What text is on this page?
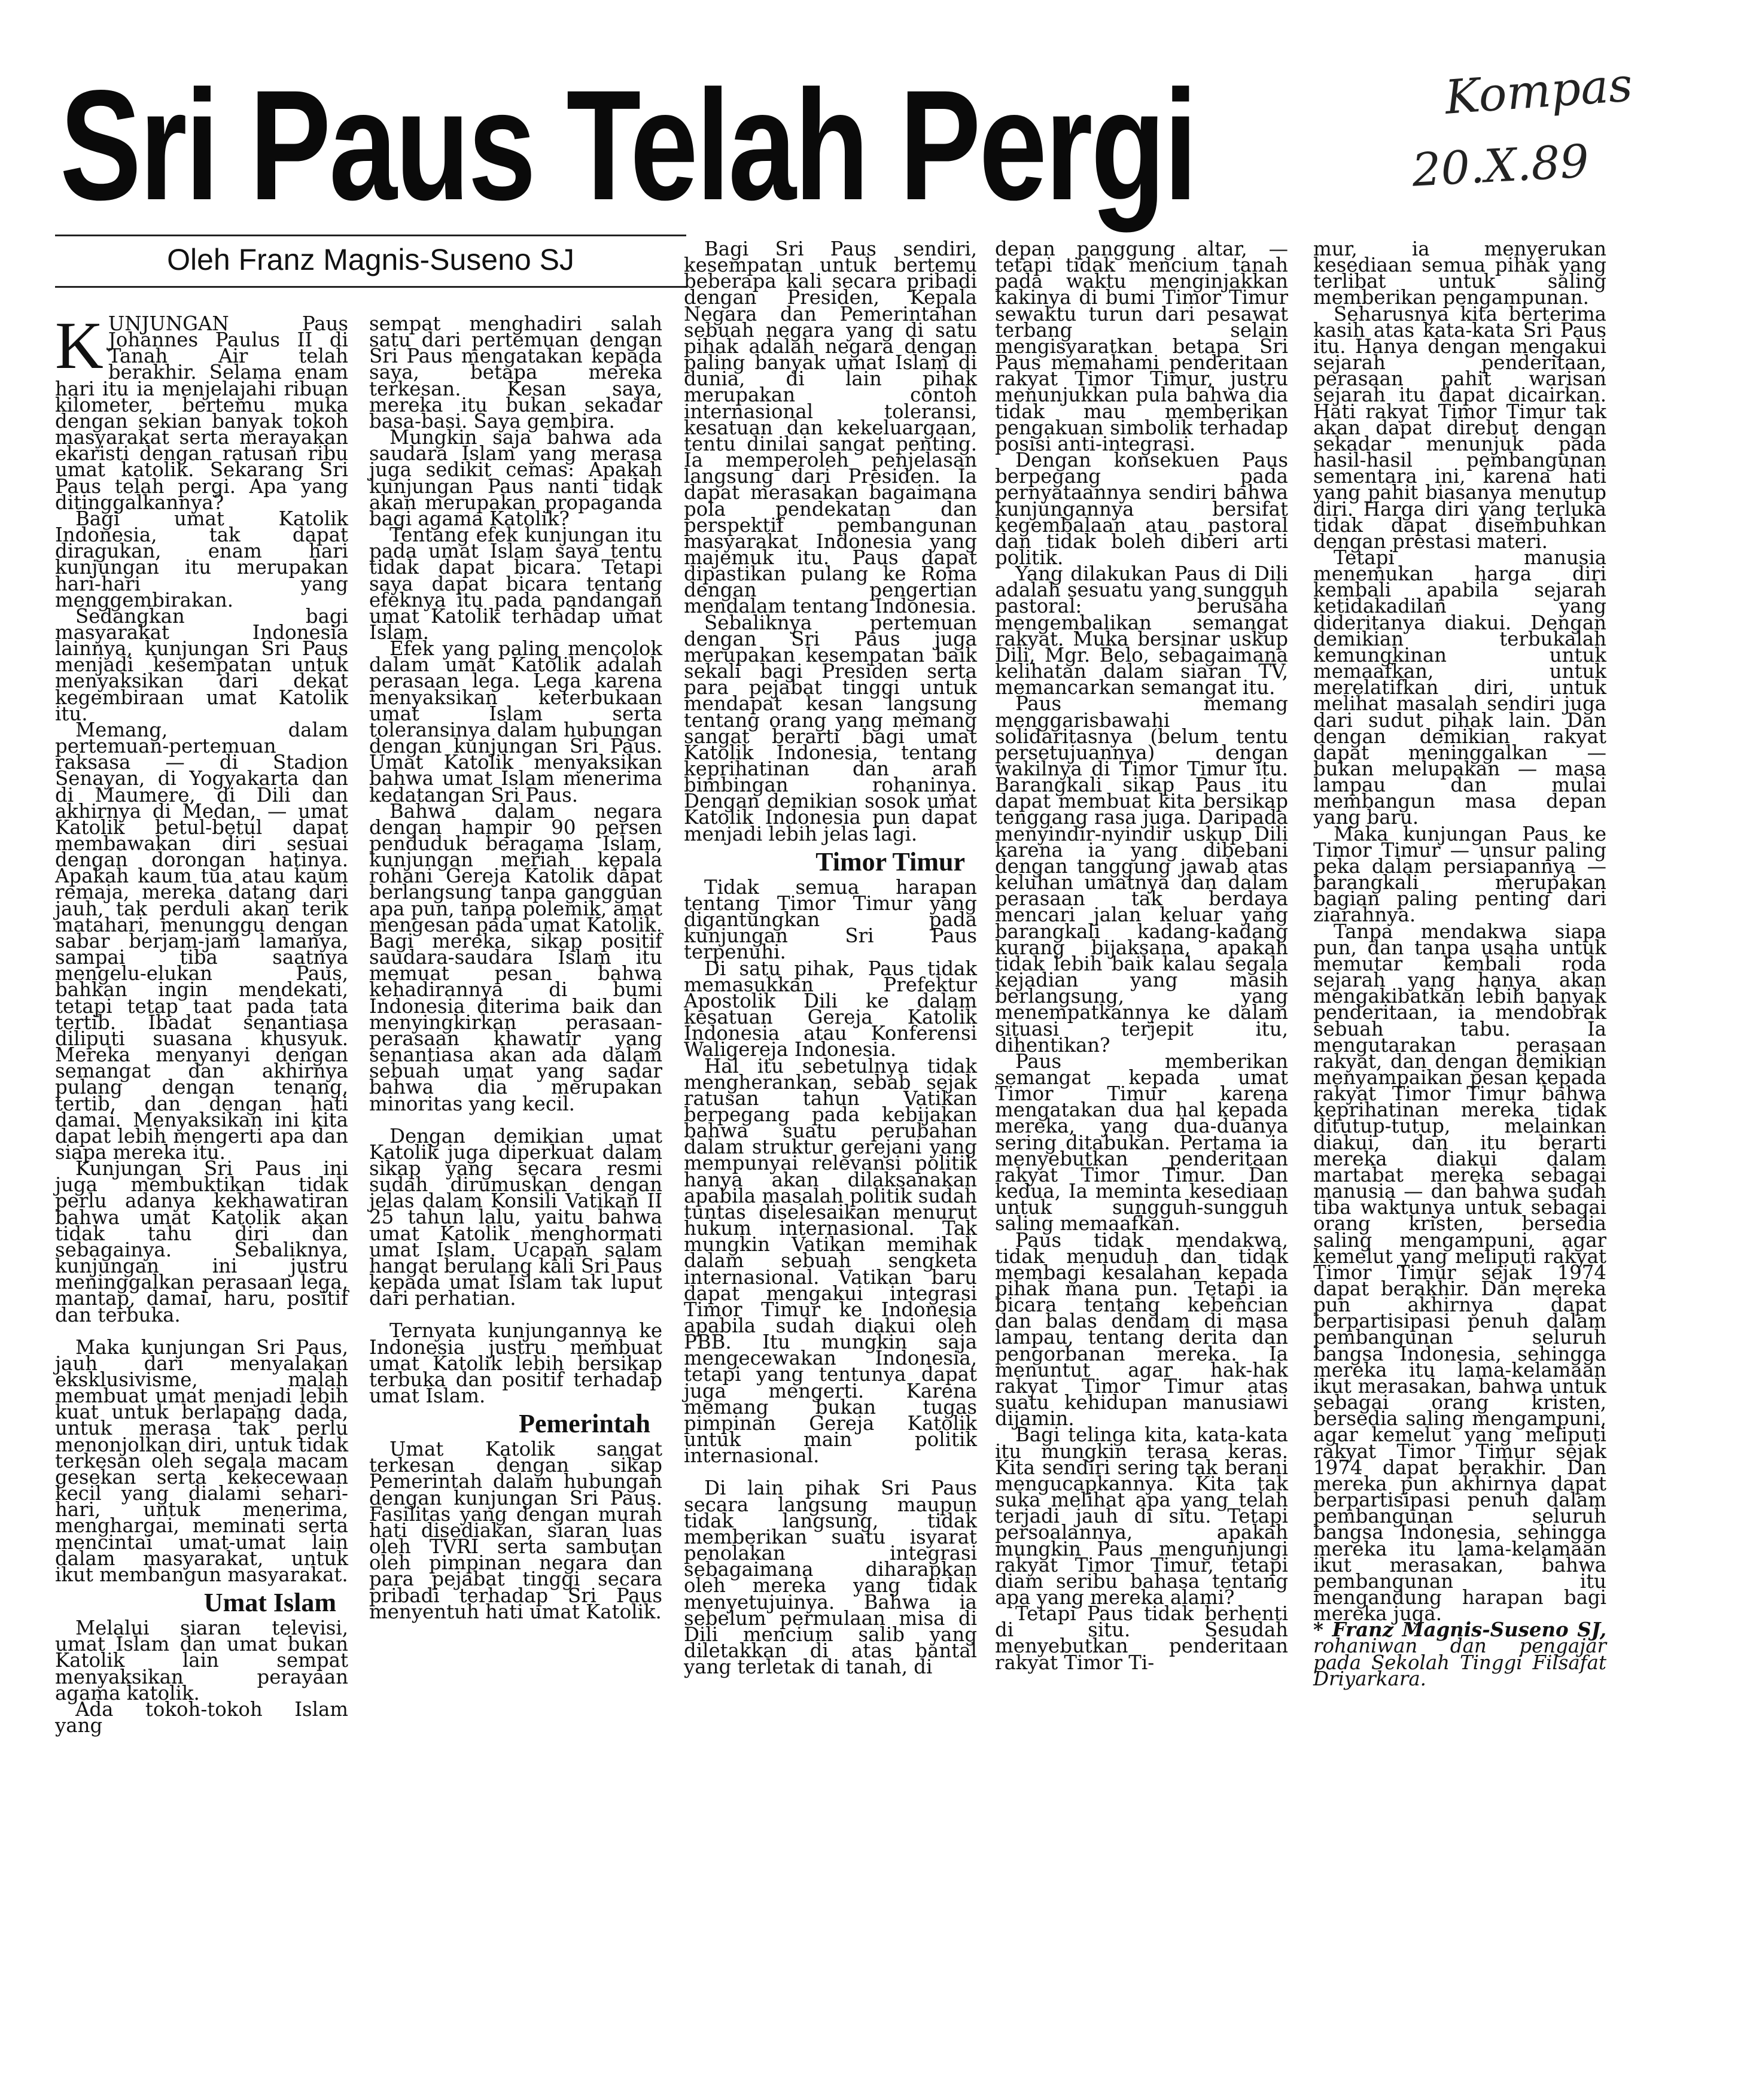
Sri Paus Telah Pergi	Kompas
20.X.89
Oleh Franz Magnis-Suseno SJ

KUNJUNGAN Paus Johannes Paulus II di Tanah Air telah berakhir. Selama enam hari itu ia menjelajahi ribuan kilometer, bertemu muka dengan sekian banyak tokoh masyarakat serta merayakan ekaristi dengan ratusan ribu umat katolik. Sekarang Sri Paus telah pergi. Apa yang ditinggalkannya?

Bagi umat Katolik Indonesia, tak dapat diragukan, enam hari kunjungan itu merupakan hari-hari yang menggembirakan.

Sedangkan bagi masyarakat Indonesia lainnya, kunjungan Sri Paus menjadi kesempatan untuk menyaksikan dari dekat kegembiraan umat Katolik itu.

Memang, dalam pertemuan-pertemuan raksasa — di Stadion Senayan, di Yogyakarta dan di Maumere, di Dili dan akhirnya di Medan, — umat Katolik betul-betul dapat membawakan diri sesuai dengan dorongan hatinya. Apakah kaum tua atau kaum remaja, mereka datang dari jauh, tak perduli akan terik matahari, menunggu dengan sabar berjam-jam lamanya, sampai tiba saatnya mengelu-elukan Paus, bahkan ingin mendekati, tetapi tetap taat pada tata tertib. Ibadat senantiasa diliputi suasana khusyuk. Mereka menyanyi dengan semangat dan akhirnya pulang dengan tenang, tertib, dan dengan hati damai. Menyaksikan ini kita dapat lebih mengerti apa dan siapa mereka itu.

Kunjungan Sri Paus ini juga membuktikan tidak perlu adanya kekhawatiran bahwa umat Katolik akan tidak tahu diri dan sebagainya. Sebaliknya, kunjungan ini justru meninggalkan perasaan lega, mantap, damai, haru, positif dan terbuka.

Maka kunjungan Sri Paus, jauh dari menyalakan eksklusivisme, malah membuat umat menjadi lebih kuat untuk berlapang dada, untuk merasa tak perlu menonjolkan diri, untuk tidak terkesan oleh segala macam gesekan serta kekecewaan kecil yang dialami sehari-hari, untuk menerima, menghargai, meminati serta mencintai umat-umat lain dalam masyarakat, untuk ikut membangun masyarakat.

Umat Islam

Melalui siaran televisi, umat Islam dan umat bukan Katolik lain sempat menyaksikan perayaan agama katolik.

Ada tokoh-tokoh Islam yang

sempat menghadiri salah satu dari pertemuan dengan Sri Paus mengatakan kepada saya, betapa mereka terkesan. Kesan saya, mereka itu bukan sekadar basa-basi. Saya gembira.

Mungkin saja bahwa ada saudara Islam yang merasa juga sedikit cemas: Apakah kunjungan Paus nanti tidak akan merupakan propaganda bagi agama Katolik?

Tentang efek kunjungan itu pada umat Islam saya tentu tidak dapat bicara. Tetapi saya dapat bicara tentang efeknya itu pada pandangan umat Katolik terhadap umat Islam.

Efek yang paling mencolok dalam umat Katolik adalah perasaan lega. Lega karena menyaksikan keterbukaan umat Islam serta toleransinya dalam hubungan dengan kunjungan Sri Paus. Umat Katolik menyaksikan bahwa umat Islam menerima kedatangan Sri Paus.

Bahwa dalam negara dengan hampir 90 persen penduduk beragama Islam, kunjungan meriah kepala rohani Gereja Katolik dapat berlangsung tanpa gangguan apa pun, tanpa polemik, amat mengesan pada umat Katolik. Bagi mereka, sikap positif saudara-saudara Islam itu memuat pesan bahwa kehadirannya di bumi Indonesia diterima baik dan menyingkirkan perasaan-perasaan khawatir yang senantiasa akan ada dalam sebuah umat yang sadar bahwa dia merupakan minoritas yang kecil.

Dengan demikian umat Katolik juga diperkuat dalam sikap yang secara resmi sudah dirumuskan dengan jelas dalam Konsili Vatikan II 25 tahun lalu, yaitu bahwa umat Katolik menghormati umat Islam. Ucapan salam hangat berulang kali Sri Paus kepada umat Islam tak luput dari perhatian.

Ternyata kunjungannya ke Indonesia justru membuat umat Katolik lebih bersikap terbuka dan positif terhadap umat Islam.

Pemerintah

Umat Katolik sangat terkesan dengan sikap Pemerintah dalam hubungan dengan kunjungan Sri Paus. Fasilitas yang dengan murah hati disediakan, siaran luas oleh TVRI serta sambutan oleh pimpinan negara dan para pejabat tinggi secara pribadi terhadap Sri Paus menyentuh hati umat Katolik.

Bagi Sri Paus sendiri, kesempatan untuk bertemu beberapa kali secara pribadi dengan Presiden, Kepala Negara dan Pemerintahan sebuah negara yang di satu pihak adalah negara dengan paling banyak umat Islam di dunia, di lain pihak merupakan contoh internasional toleransi, kesatuan dan kekeluargaan, tentu dinilai sangat penting. Ia memperoleh penjelasan langsung dari Presiden. Ia dapat merasakan bagaimana pola pendekatan dan perspektif pembangunan masyarakat Indonesia yang majemuk itu. Paus dapat dipastikan pulang ke Roma dengan pengertian mendalam tentang Indonesia.

Sebaliknya pertemuan dengan Sri Paus juga merupakan kesempatan baik sekali bagi Presiden serta para pejabat tinggi untuk mendapat kesan langsung tentang orang yang memang sangat berarti bagi umat Katolik Indonesia, tentang keprihatinan dan arah bimbingan rohaninya. Dengan demikian sosok umat Katolik Indonesia pun dapat menjadi lebih jelas lagi.

Timor Timur

Tidak semua harapan tentang Timor Timur yang digantungkan pada kunjungan Sri Paus terpenuhi.

Di satu pihak, Paus tidak memasukkan Prefektur Apostolik Dili ke dalam kesatuan Gereja Katolik Indonesia atau Konferensi Waligereja Indonesia.

Hal itu sebetulnya tidak mengherankan, sebab sejak ratusan tahun Vatikan berpegang pada kebijakan bahwa suatu perubahan dalam struktur gerejani yang mempunyai relevansi politik hanya akan dilaksanakan apabila masalah politik sudah tuntas diselesaikan menurut hukum internasional. Tak mungkin Vatikan memihak dalam sebuah sengketa internasional. Vatikan baru dapat mengakui integrasi Timor Timur ke Indonesia apabila sudah diakui oleh PBB. Itu mungkin saja mengecewakan Indonesia, tetapi yang tentunya dapat juga mengerti. Karena memang bukan tugas pimpinan Gereja Katolik untuk main politik internasional.

Di lain pihak Sri Paus secara langsung maupun tidak langsung, tidak memberikan suatu isyarat penolakan integrasi sebagaimana diharapkan oleh mereka yang tidak menyetujuinya. Bahwa ia sebelum permulaan misa di Dili mencium salib yang diletakkan di atas bantal yang terletak di tanah, di

depan panggung altar, — tetapi tidak mencium tanah pada waktu menginjakkan kakinya di bumi Timor Timur sewaktu turun dari pesawat terbang selain mengisyaratkan betapa Sri Paus memahami penderitaan rakyat Timor Timur, justru menunjukkan pula bahwa dia tidak mau memberikan pengakuan simbolik terhadap posisi anti-integrasi.

Dengan konsekuen Paus berpegang pada pernyataannya sendiri bahwa kunjungannya bersifat kegembalaan atau pastoral dan tidak boleh diberi arti politik.

Yang dilakukan Paus di Dili adalah sesuatu yang sungguh pastoral: berusaha mengembalikan semangat rakyat. Muka bersinar uskup Dili, Mgr. Belo, sebagaimana kelihatan dalam siaran TV, memancarkan semangat itu.

Paus memang menggarisbawahi solidaritasnya (belum tentu persetujuannya) dengan wakilnya di Timor Timur itu. Barangkali sikap Paus itu dapat membuat kita bersikap tenggang rasa juga. Daripada menyindir-nyindir uskup Dili karena ia yang dibebani dengan tanggung jawab atas keluhan umatnya dan dalam perasaan tak berdaya mencari jalan keluar yang barangkali kadang-kadang kurang bijaksana, apakah tidak lebih baik kalau segala kejadian yang masih berlangsung, yang menempatkannya ke dalam situasi terjepit itu, dihentikan?

Paus memberikan semangat kepada umat Timor Timur karena mengatakan dua hal kepada mereka, yang dua-duanya sering ditabukan. Pertama ia menyebutkan penderitaan rakyat Timor Timur. Dan kedua, Ia meminta kesediaan untuk sungguh-sungguh saling memaafkan.

Paus tidak mendakwa, tidak menuduh dan tidak membagi kesalahan kepada pihak mana pun. Tetapi ia bicara tentang kebencian dan balas dendam di masa lampau, tentang derita dan pengorbanan mereka. Ia menuntut agar hak-hak rakyat Timor Timur atas suatu kehidupan manusiawi dijamin.

Bagi telinga kita, kata-kata itu mungkin terasa keras. Kita sendiri sering tak berani mengucapkannya. Kita tak suka melihat apa yang telah terjadi jauh di situ. Tetapi persoalannya, apakah mungkin Paus mengunjungi rakyat Timor Timur, tetapi diam seribu bahasa tentang apa yang mereka alami?

Tetapi Paus tidak berhenti di situ. Sesudah menyebutkan penderitaan rakyat Timor Ti-

mur, ia menyerukan kesediaan semua pihak yang terlibat untuk saling memberikan pengampunan.

Seharusnya kita berterima kasih atas kata-kata Sri Paus itu. Hanya dengan mengakui sejarah penderitaan, perasaan pahit warisan sejarah itu dapat dicairkan. Hati rakyat Timor Timur tak akan dapat direbut dengan sekadar menunjuk pada hasil-hasil pembangunan sementara ini, karena hati yang pahit biasanya menutup diri. Harga diri yang terluka tidak dapat disembuhkan dengan prestasi materi.

Tetapi manusia menemukan harga diri kembali apabila sejarah ketidakadilan yang dideritanya diakui. Dengan demikian terbukalah kemungkinan untuk memaafkan, untuk merelatifkan diri, untuk melihat masalah sendiri juga dari sudut pihak lain. Dan dengan demikian rakyat dapat meninggalkan — bukan melupakan — masa lampau dan mulai membangun masa depan yang baru.

Maka kunjungan Paus ke Timor Timur — unsur paling peka dalam persiapannya — barangkali merupakan bagian paling penting dari ziarahnya.

Tanpa mendakwa siapa pun, dan tanpa usaha untuk memutar kembali roda sejarah yang hanya akan mengakibatkan lebih banyak penderitaan, ia mendobrak sebuah tabu. Ia mengutarakan perasaan rakyat, dan dengan demikian menyampaikan pesan kepada rakyat Timor Timur bahwa keprihatinan mereka tidak ditutup-tutup, melainkan diakui, dan itu berarti mereka diakui dalam martabat mereka sebagai manusia — dan bahwa sudah tiba waktunya untuk sebagai orang kristen, bersedia saling mengampuni, agar kemelut yang meliputi rakyat Timor Timur sejak 1974 dapat berakhir. Dan mereka pun akhirnya dapat berpartisipasi penuh dalam pembangunan seluruh bangsa Indonesia, sehingga mereka itu lama-kelamaan ikut merasakan, bahwa untuk sebagai orang kristen, bersedia saling mengampuni, agar kemelut yang meliputi rakyat Timor Timur sejak 1974 dapat berakhir. Dan mereka pun akhirnya dapat berpartisipasi penuh dalam pembangunan seluruh bangsa Indonesia, sehingga mereka itu lama-kelamaan ikut merasakan, bahwa pembangunan itu mengandung harapan bagi mereka juga.

* Franz Magnis-Suseno SJ, rohaniwan dan pengajar pada Sekolah Tinggi Filsafat Driyarkara.
